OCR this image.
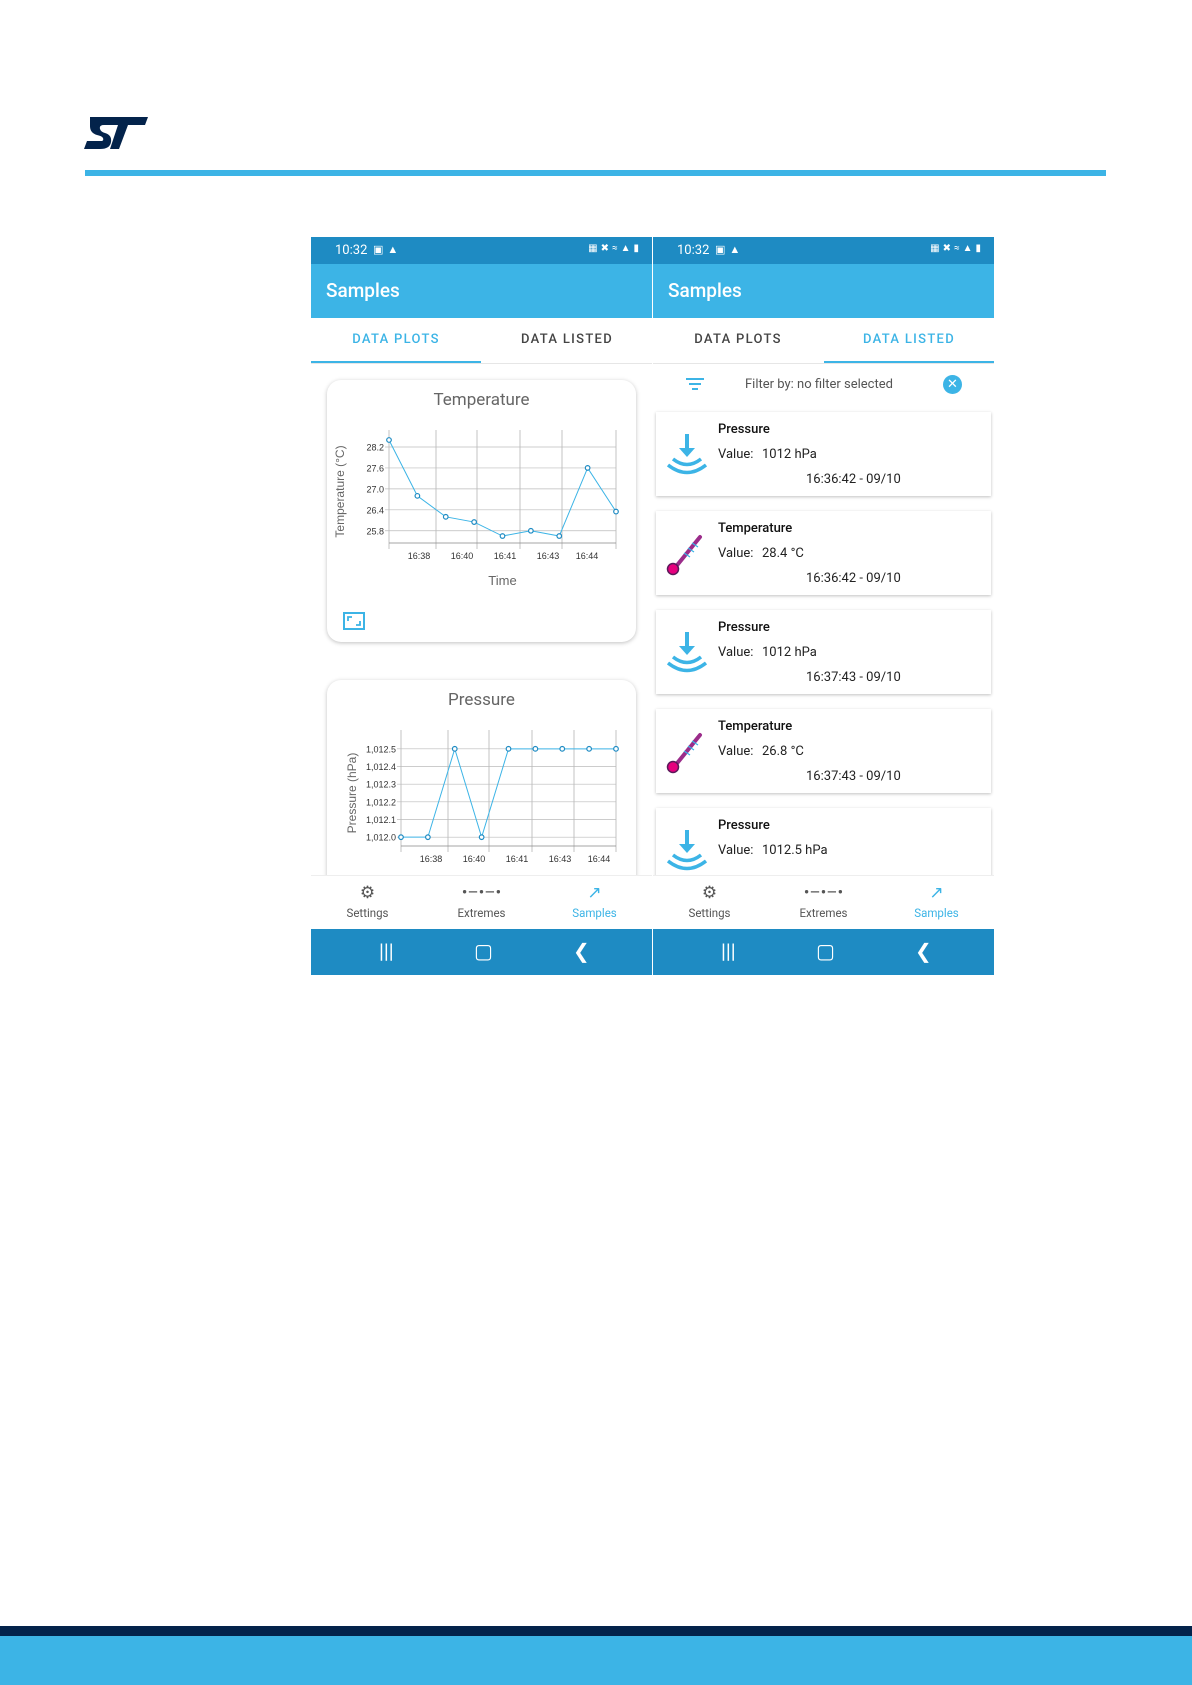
10:32 ▣▲	▦✖≈▲▮
Samples
DATA PLOTS	DATA LISTED
Temperature
28.2
27.6
27.0
26.4
25.8
16:38 16:40 16:41 16:43 16:44
Temperature (°C)
Time
Pressure
1,012.5
1,012.4
1,012.3
1,012.2
1,012.1
1,012.0
16:38 16:40 16:41 16:43 16:44
Pressure (hPa)
⚙
Settings
•–•–•
Extremes
↗
Samples
|||	▢	❮
10:32 ▣▲	▦✖≈▲▮
Samples
DATA PLOTS	DATA LISTED
Filter by: no filter selected	✕
Pressure
Value: 1012 hPa
16:36:42 - 09/10
Temperature
Value: 28.4 °C
16:36:42 - 09/10
Pressure
Value: 1012 hPa
16:37:43 - 09/10
Temperature
Value: 26.8 °C
16:37:43 - 09/10
Pressure
Value: 1012.5 hPa
⚙
Settings
•–•–•
Extremes
↗
Samples
|||	▢	❮
